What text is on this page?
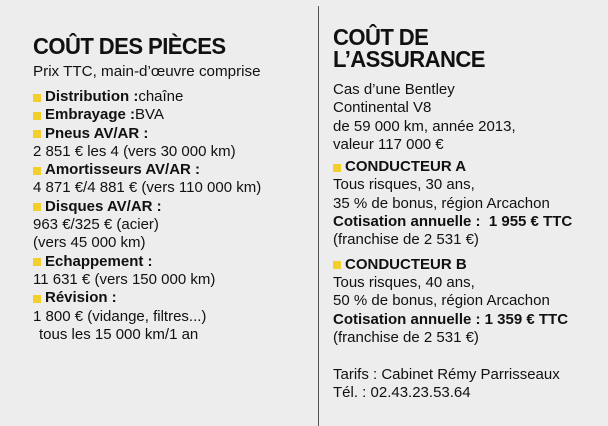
COÛT DES PIÈCES
Prix TTC, main-d’œuvre comprise
Distribution : chaîne
Embrayage : BVA
Pneus AV/AR :
2 851 € les 4 (vers 30 000 km)
Amortisseurs AV/AR :
4 871 €/4 881 € (vers 110 000 km)
Disques AV/AR :
963 €/325 € (acier)
(vers 45 000 km)
Echappement :
11 631 € (vers 150 000 km)
Révision :
1 800 € (vidange, filtres...)
tous les 15 000 km/1 an
COÛT DE
L’ASSURANCE
Cas d’une Bentley
Continental V8
de 59 000 km, année 2013,
valeur 117 000 €
CONDUCTEUR A
Tous risques, 30 ans,
35 % de bonus, région Arcachon
Cotisation annuelle :  1 955 € TTC
(franchise de 2 531 €)
CONDUCTEUR B
Tous risques, 40 ans,
50 % de bonus, région Arcachon
Cotisation annuelle : 1 359 € TTC
(franchise de 2 531 €)
Tarifs : Cabinet Rémy Parrisseaux
Tél. : 02.43.23.53.64
